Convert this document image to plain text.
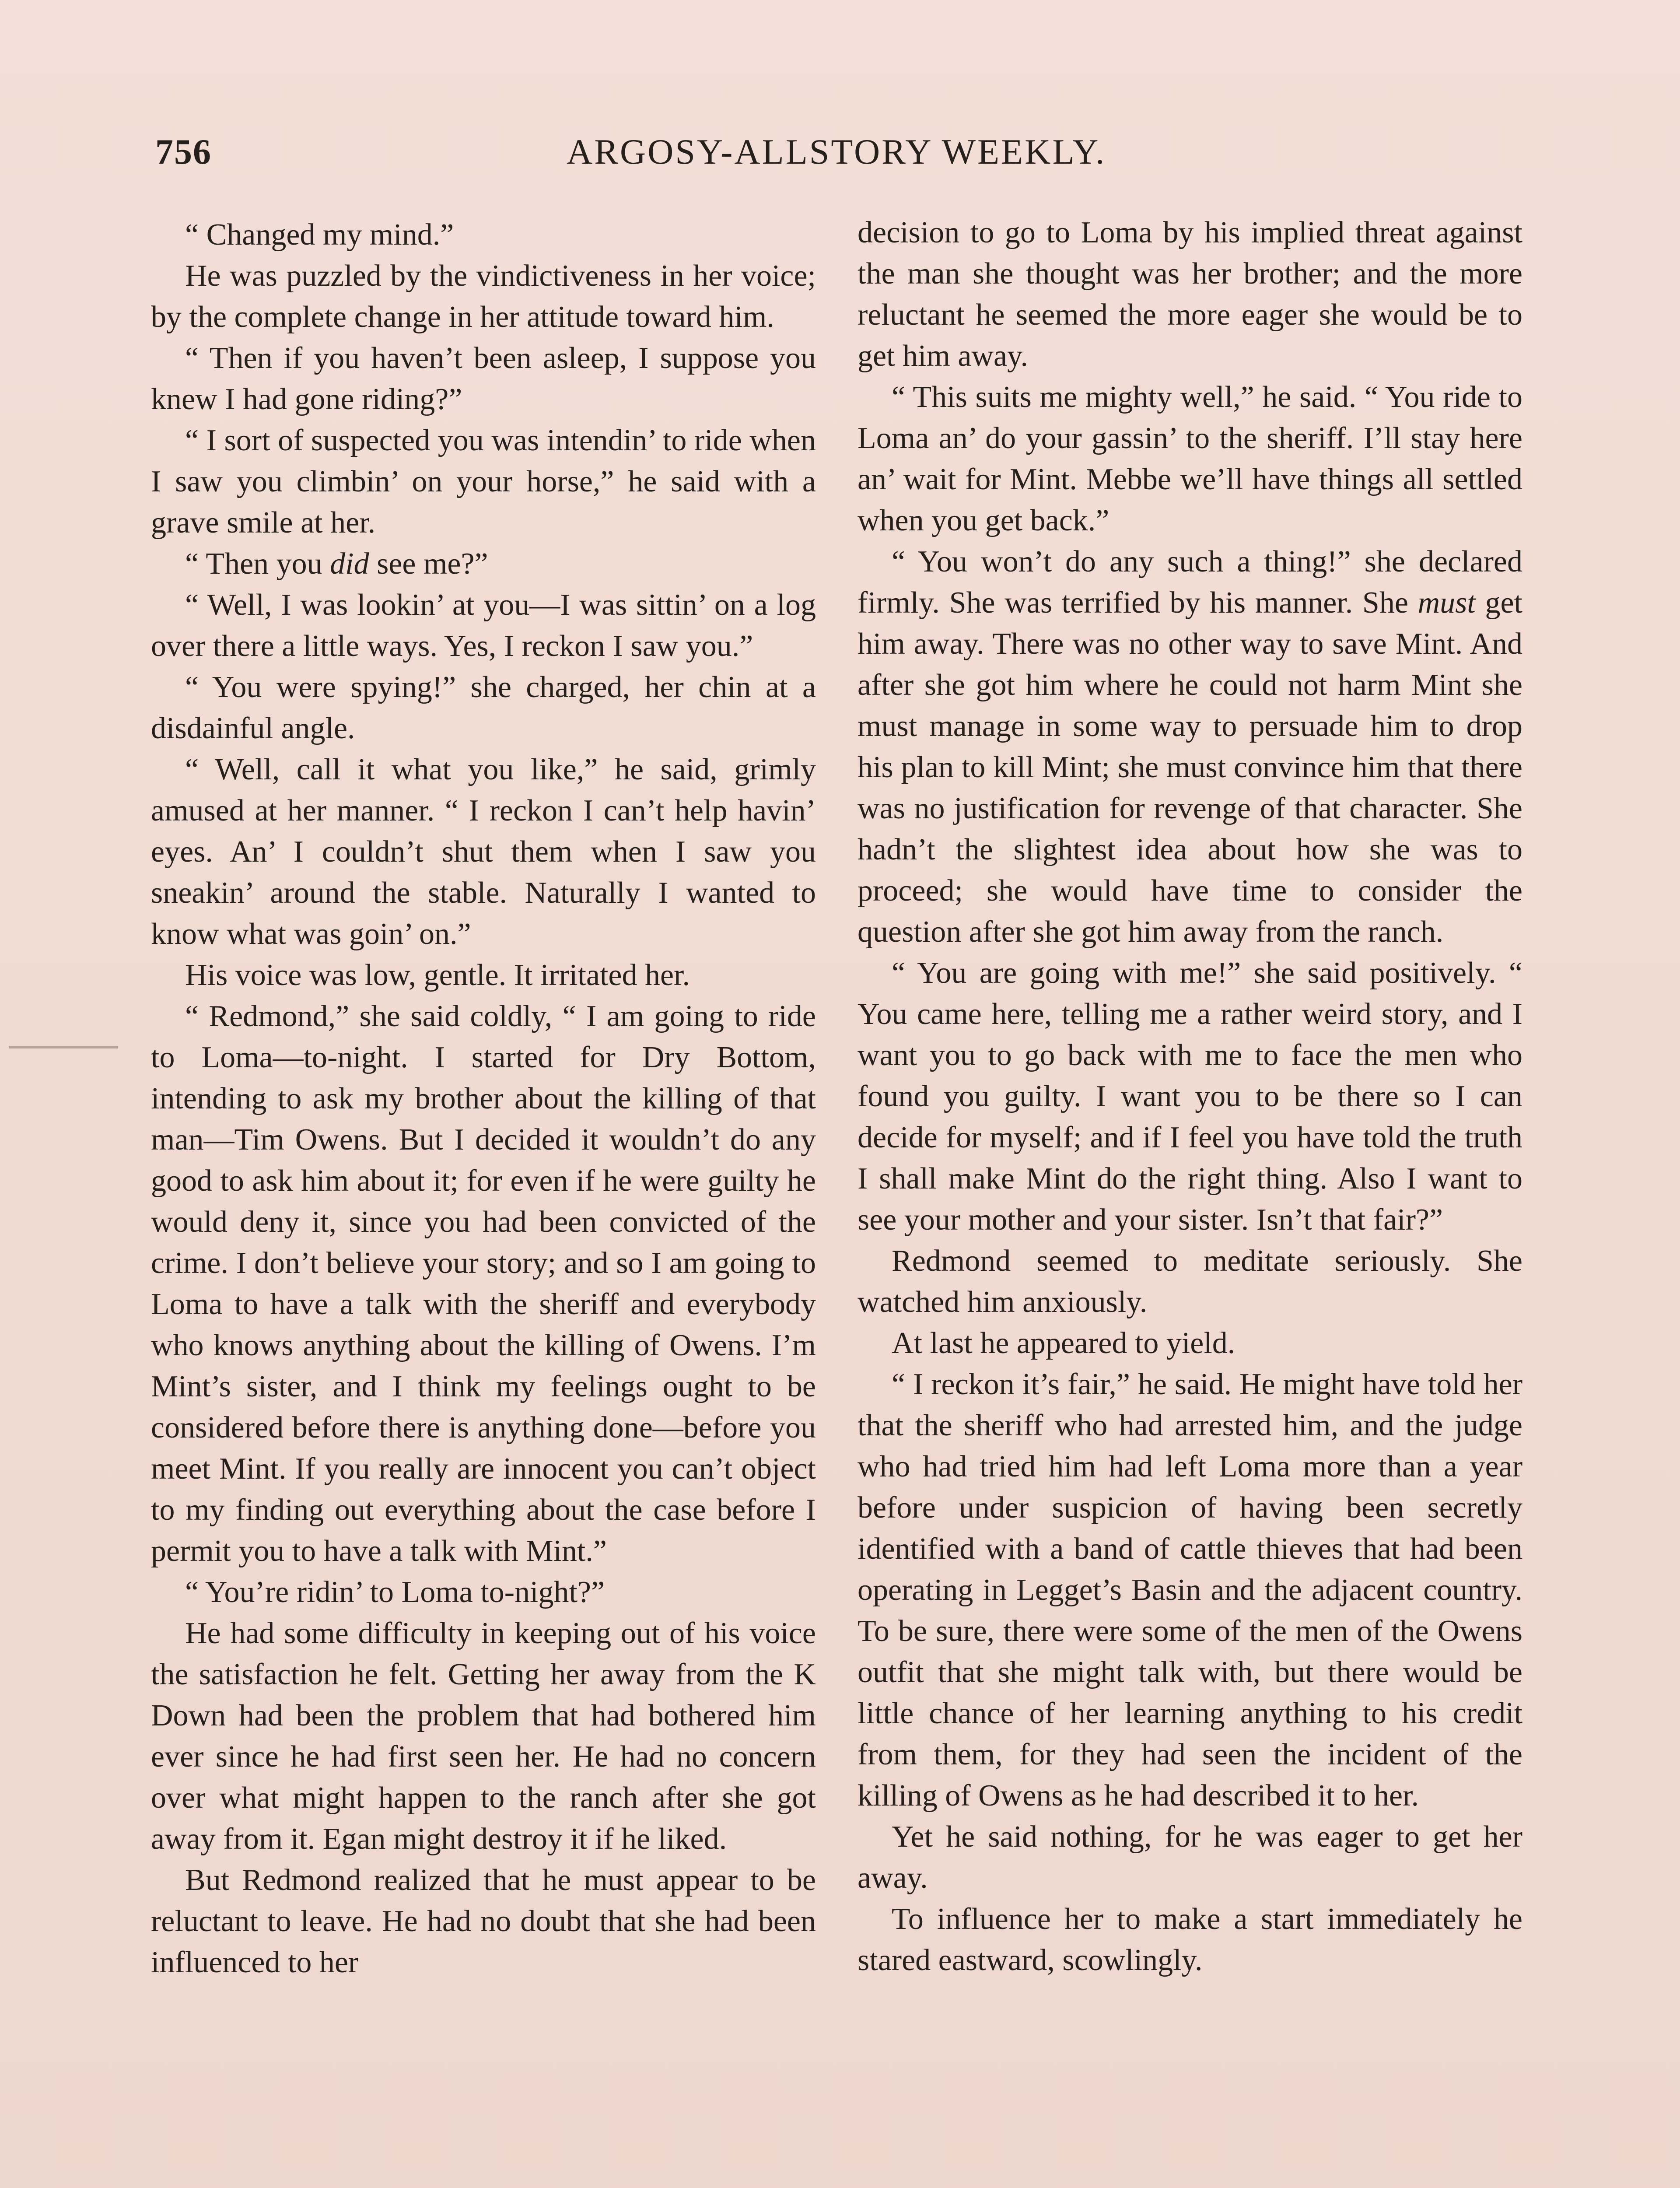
756	ARGOSY-ALLSTORY WEEKLY.

“ Changed my mind.”

He was puzzled by the vindictiveness in her voice; by the complete change in her attitude toward him.

“ Then if you haven’t been asleep, I suppose you knew I had gone riding?”

“ I sort of suspected you was intendin’ to ride when I saw you climbin’ on your horse,” he said with a grave smile at her.

“ Then you did see me?”

“ Well, I was lookin’ at you—I was sittin’ on a log over there a little ways. Yes, I reckon I saw you.”

“ You were spying!” she charged, her chin at a disdainful angle.

“ Well, call it what you like,” he said, grimly amused at her manner. “ I reckon I can’t help havin’ eyes. An’ I couldn’t shut them when I saw you sneakin’ around the stable. Naturally I wanted to know what was goin’ on.”

His voice was low, gentle. It irritated her.

“ Redmond,” she said coldly, “ I am going to ride to Loma—to-night. I started for Dry Bottom, intending to ask my brother about the killing of that man—Tim Owens. But I decided it wouldn’t do any good to ask him about it; for even if he were guilty he would deny it, since you had been convicted of the crime. I don’t believe your story; and so I am going to Loma to have a talk with the sheriff and everybody who knows anything about the killing of Owens. I’m Mint’s sister, and I think my feelings ought to be considered before there is anything done—before you meet Mint. If you really are innocent you can’t object to my finding out everything about the case before I permit you to have a talk with Mint.”

“ You’re ridin’ to Loma to-night?”

He had some difficulty in keeping out of his voice the satisfaction he felt. Getting her away from the K Down had been the problem that had bothered him ever since he had first seen her. He had no concern over what might happen to the ranch after she got away from it. Egan might destroy it if he liked.

But Redmond realized that he must appear to be reluctant to leave. He had no doubt that she had been influenced to her

decision to go to Loma by his implied threat against the man she thought was her brother; and the more reluctant he seemed the more eager she would be to get him away.

“ This suits me mighty well,” he said. “ You ride to Loma an’ do your gassin’ to the sheriff. I’ll stay here an’ wait for Mint. Mebbe we’ll have things all settled when you get back.”

“ You won’t do any such a thing!” she declared firmly. She was terrified by his manner. She must get him away. There was no other way to save Mint. And after she got him where he could not harm Mint she must manage in some way to persuade him to drop his plan to kill Mint; she must convince him that there was no justification for revenge of that character. She hadn’t the slightest idea about how she was to proceed; she would have time to consider the question after she got him away from the ranch.

“ You are going with me!” she said positively. “ You came here, telling me a rather weird story, and I want you to go back with me to face the men who found you guilty. I want you to be there so I can decide for myself; and if I feel you have told the truth I shall make Mint do the right thing. Also I want to see your mother and your sister. Isn’t that fair?”

Redmond seemed to meditate seriously. She watched him anxiously.

At last he appeared to yield.

“ I reckon it’s fair,” he said. He might have told her that the sheriff who had arrested him, and the judge who had tried him had left Loma more than a year before under suspicion of having been secretly identified with a band of cattle thieves that had been operating in Legget’s Basin and the adjacent country. To be sure, there were some of the men of the Owens outfit that she might talk with, but there would be little chance of her learning anything to his credit from them, for they had seen the incident of the killing of Owens as he had described it to her.

Yet he said nothing, for he was eager to get her away.

To influence her to make a start immediately he stared eastward, scowlingly.
